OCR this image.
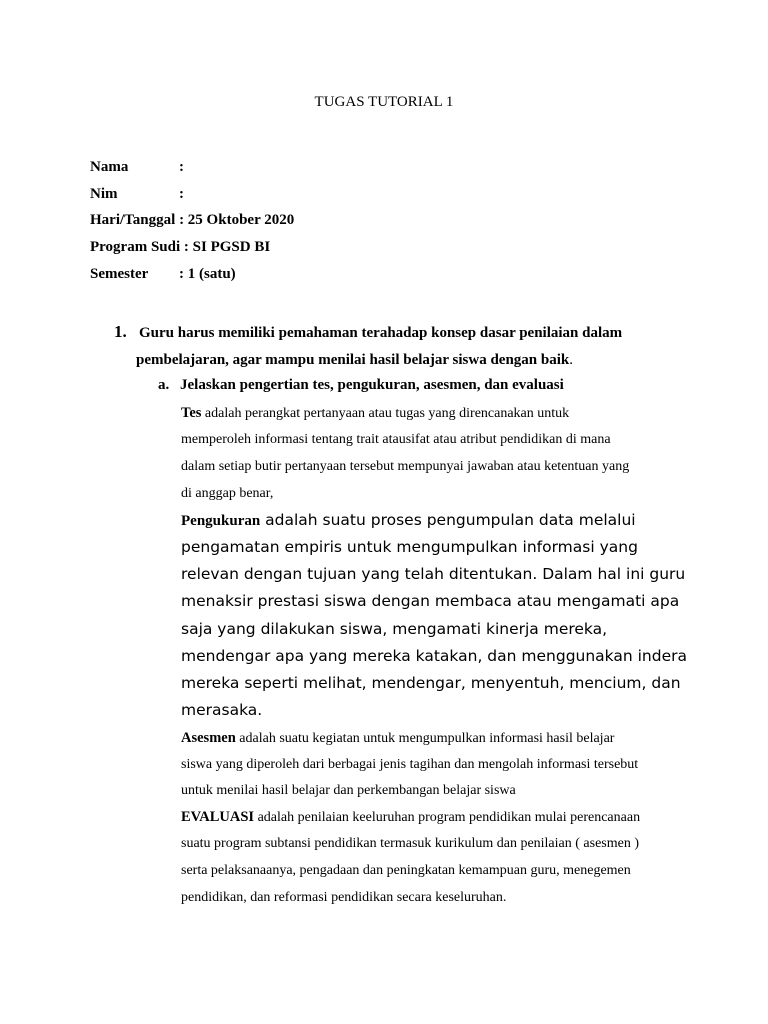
TUGAS TUTORIAL 1
Nama	:
Nim	:
Hari/Tanggal : 25 Oktober 2020
Program Sudi : SI PGSD BI
Semester : 1 (satu)
1. Guru harus memiliki pemahaman terahadap konsep dasar penilaian dalam
pembelajaran, agar mampu menilai hasil belajar siswa dengan baik.
a. Jelaskan pengertian tes, pengukuran, asesmen, dan evaluasi
Tes adalah perangkat pertanyaan atau tugas yang direncanakan untuk
memperoleh informasi tentang trait atausifat atau atribut pendidikan di mana
dalam setiap butir pertanyaan tersebut mempunyai jawaban atau ketentuan yang
di anggap benar,
Pengukuran adalah suatu proses pengumpulan data melalui
pengamatan empiris untuk mengumpulkan informasi yang
relevan dengan tujuan yang telah ditentukan. Dalam hal ini guru
menaksir prestasi siswa dengan membaca atau mengamati apa
saja yang dilakukan siswa, mengamati kinerja mereka,
mendengar apa yang mereka katakan, dan menggunakan indera
mereka seperti melihat, mendengar, menyentuh, mencium, dan
merasaka.
Asesmen adalah suatu kegiatan untuk mengumpulkan informasi hasil belajar
siswa yang diperoleh dari berbagai jenis tagihan dan mengolah informasi tersebut
untuk menilai hasil belajar dan perkembangan belajar siswa
EVALUASI adalah penilaian keeluruhan program pendidikan mulai perencanaan
suatu program subtansi pendidikan termasuk kurikulum dan penilaian ( asesmen )
serta pelaksanaanya, pengadaan dan peningkatan kemampuan guru, menegemen
pendidikan, dan reformasi pendidikan secara keseluruhan.
